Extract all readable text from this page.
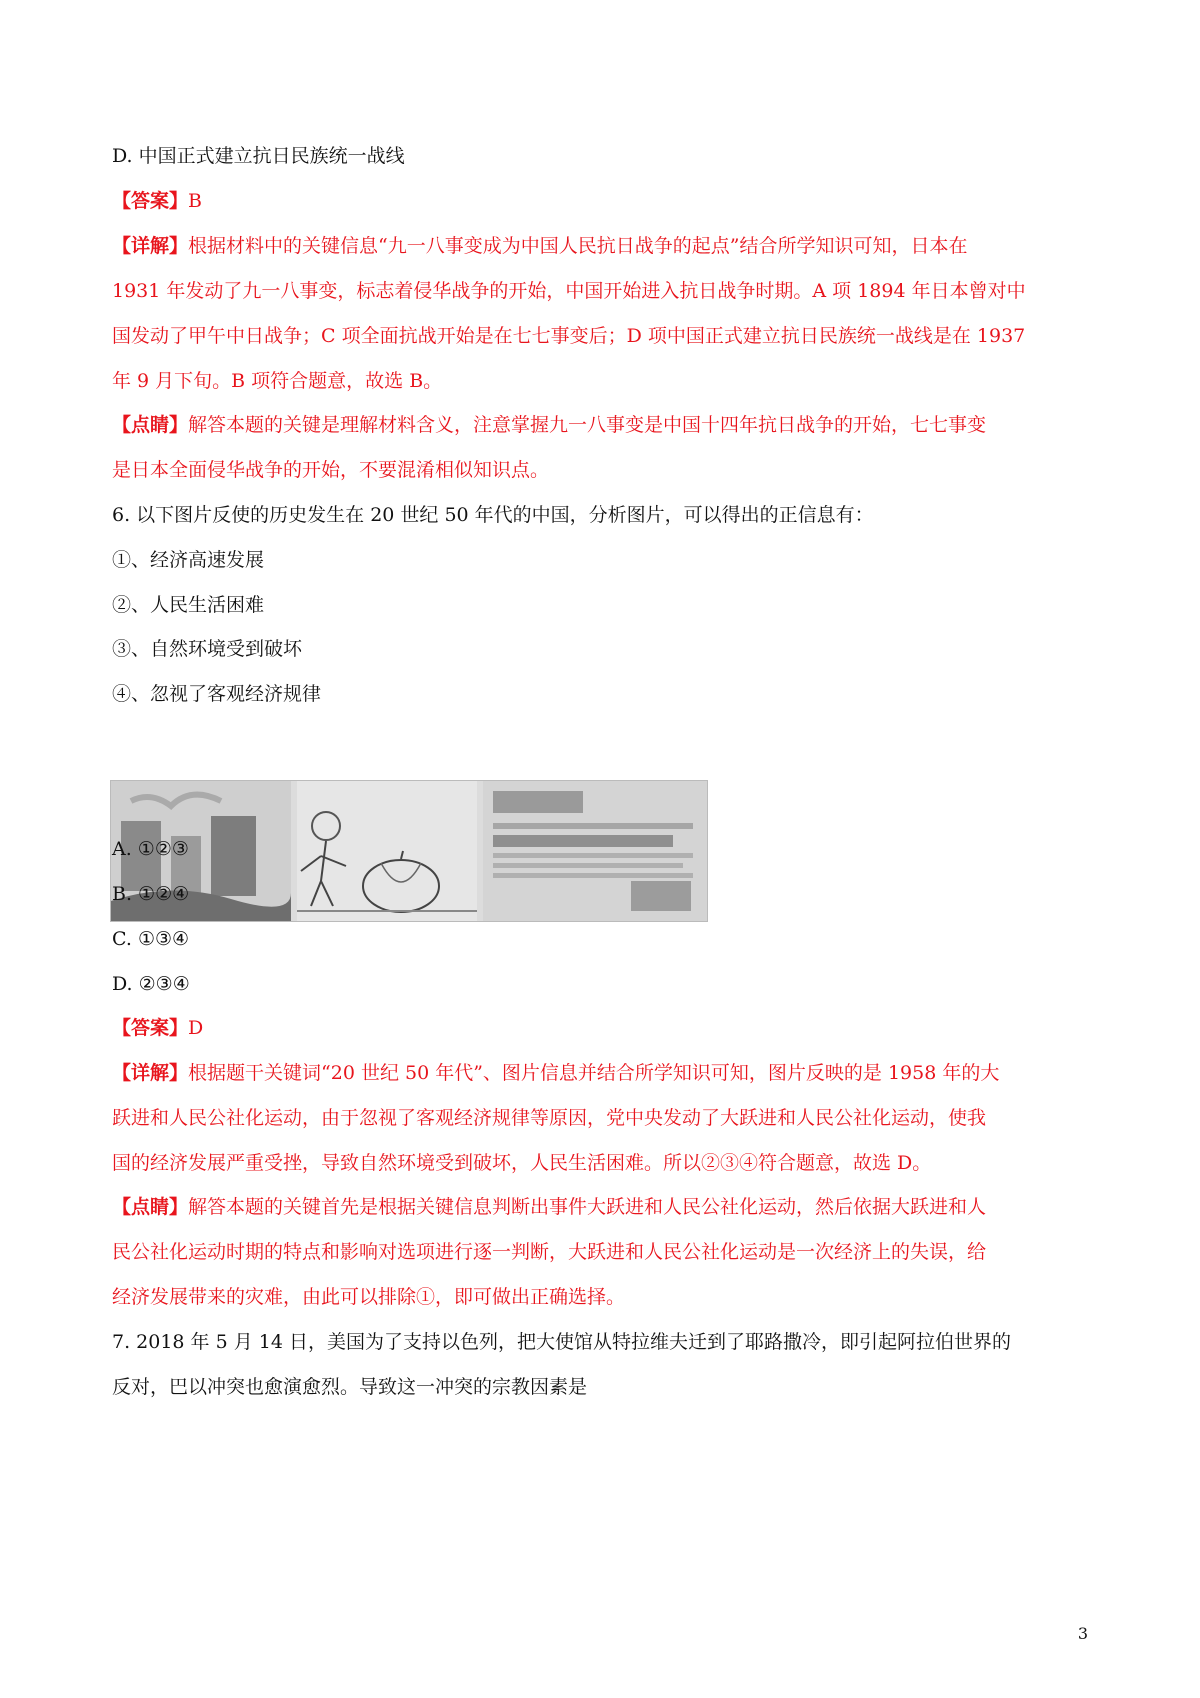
D. 中国正式建立抗日民族统一战线
【答案】B
【详解】根据材料中的关键信息“九一八事变成为中国人民抗日战争的起点”结合所学知识可知，日本在
1931 年发动了九一八事变，标志着侵华战争的开始，中国开始进入抗日战争时期。A 项 1894 年日本曾对中
国发动了甲午中日战争；C 项全面抗战开始是在七七事变后；D 项中国正式建立抗日民族统一战线是在 1937
年 9 月下旬。B 项符合题意，故选 B。
【点睛】解答本题的关键是理解材料含义，注意掌握九一八事变是中国十四年抗日战争的开始，七七事变
是日本全面侵华战争的开始，不要混淆相似知识点。
6. 以下图片反使的历史发生在 20 世纪 50 年代的中国，分析图片，可以得出的正信息有：
①、经济高速发展
②、人民生活困难
③、自然环境受到破坏
④、忽视了客观经济规律
A. ①②③
B. ①②④
C. ①③④
D. ②③④
【答案】D
【详解】根据题干关键词“20 世纪 50 年代”、图片信息并结合所学知识可知，图片反映的是 1958 年的大
跃进和人民公社化运动，由于忽视了客观经济规律等原因，党中央发动了大跃进和人民公社化运动，使我
国的经济发展严重受挫，导致自然环境受到破坏，人民生活困难。所以②③④符合题意，故选 D。
【点睛】解答本题的关键首先是根据关键信息判断出事件大跃进和人民公社化运动，然后依据大跃进和人
民公社化运动时期的特点和影响对选项进行逐一判断，大跃进和人民公社化运动是一次经济上的失误，给
经济发展带来的灾难，由此可以排除①，即可做出正确选择。
7. 2018 年 5 月 14 日，美国为了支持以色列，把大使馆从特拉维夫迁到了耶路撒冷，即引起阿拉伯世界的
反对，巴以冲突也愈演愈烈。导致这一冲突的宗教因素是
3
